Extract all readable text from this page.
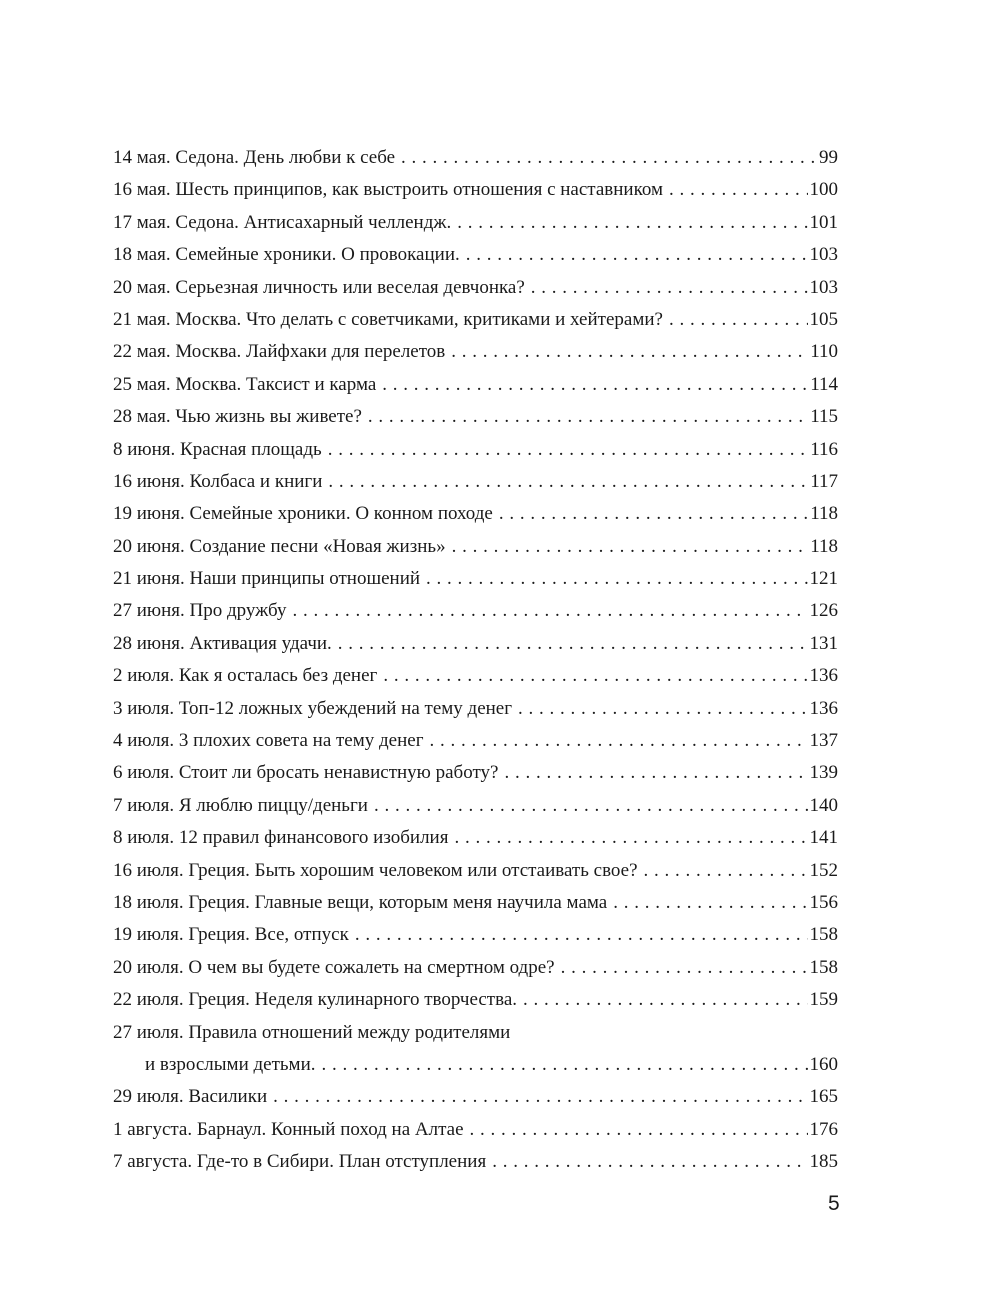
14 мая. Седона. День любви к себе . . .	99
16 мая. Шесть принципов, как выстроить отношения с наставником . . .	100
17 мая. Седона. Антисахарный челлендж. . . .	101
18 мая. Семейные хроники. О провокации. . . .	103
20 мая. Серьезная личность или веселая девчонка? . . .	103
21 мая. Москва. Что делать с советчиками, критиками и хейтерами? . . .	105
22 мая. Москва. Лайфхаки для перелетов . . .	110
25 мая. Москва. Таксист и карма . . .	114
28 мая. Чью жизнь вы живете? . . .	115
8 июня. Красная площадь . . .	116
16 июня. Колбаса и книги . . .	117
19 июня. Семейные хроники. О конном походе . . .	118
20 июня. Создание песни «Новая жизнь» . . .	118
21 июня. Наши принципы отношений . . .	121
27 июня. Про дружбу . . .	126
28 июня. Активация удачи. . . .	131
2 июля. Как я осталась без денег . . .	136
3 июля. Топ-12 ложных убеждений на тему денег . . .	136
4 июля. 3 плохих совета на тему денег . . .	137
6 июля. Стоит ли бросать ненавистную работу? . . .	139
7 июля. Я люблю пиццу/деньги . . .	140
8 июля. 12 правил финансового изобилия . . .	141
16 июля. Греция. Быть хорошим человеком или отстаивать свое? . . .	152
18 июля. Греция. Главные вещи, которым меня научила мама . . .	156
19 июля. Греция. Все, отпуск . . .	158
20 июля. О чем вы будете сожалеть на смертном одре? . . .	158
22 июля. Греция. Неделя кулинарного творчества. . . .	159
27 июля. Правила отношений между родителями
и взрослыми детьми. . . .	160
29 июля. Василики . . .	165
1 августа. Барнаул. Конный поход на Алтае . . .	176
7 августа. Где-то в Сибири. План отступления . . .	185
5
